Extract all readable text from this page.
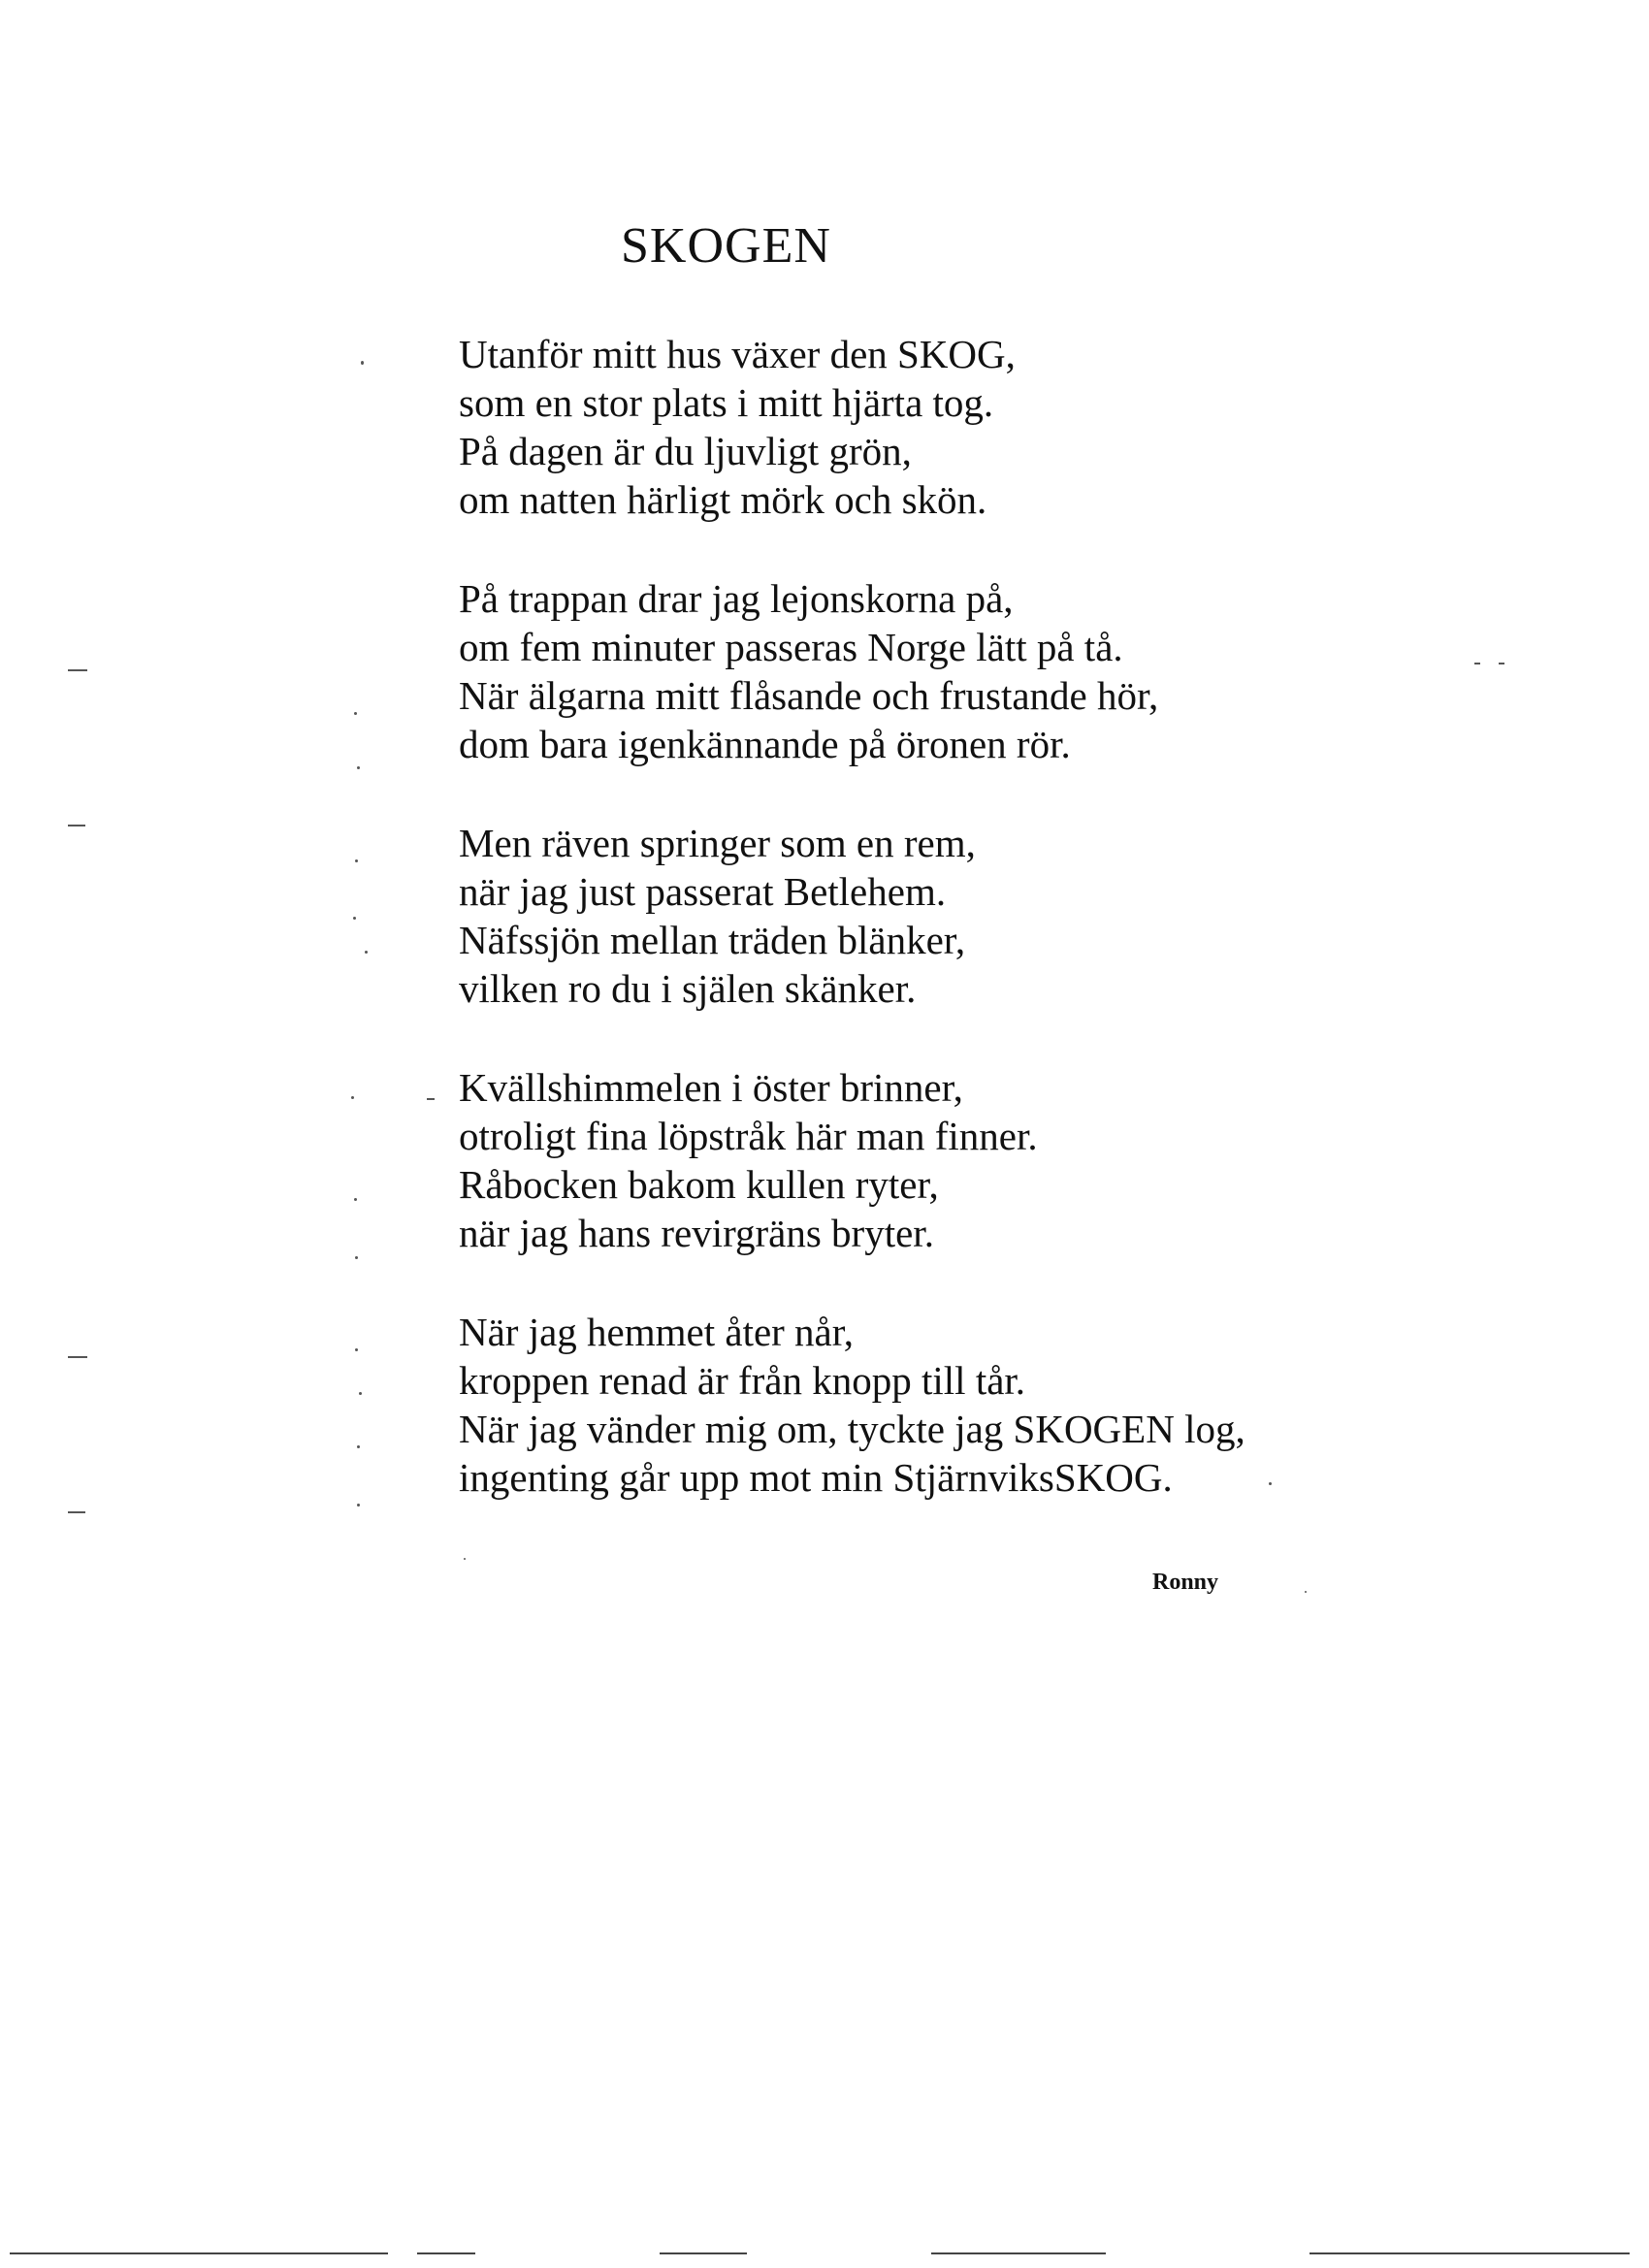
SKOGEN
Utanför mitt hus växer den SKOG,
som en stor plats i mitt hjärta tog.
På dagen är du ljuvligt grön,
om natten härligt mörk och skön.
På trappan drar jag lejonskorna på,
om fem minuter passeras Norge lätt på tå.
När älgarna mitt flåsande och frustande hör,
dom bara igenkännande på öronen rör.
Men räven springer som en rem,
när jag just passerat Betlehem.
Näfssjön mellan träden blänker,
vilken ro du i själen skänker.
Kvällshimmelen i öster brinner,
otroligt fina löpstråk här man finner.
Råbocken bakom kullen ryter,
när jag hans revirgräns bryter.
När jag hemmet åter når,
kroppen renad är från knopp till tår.
När jag vänder mig om, tyckte jag SKOGEN log,
ingenting går upp mot min StjärnviksSKOG.
Ronny
